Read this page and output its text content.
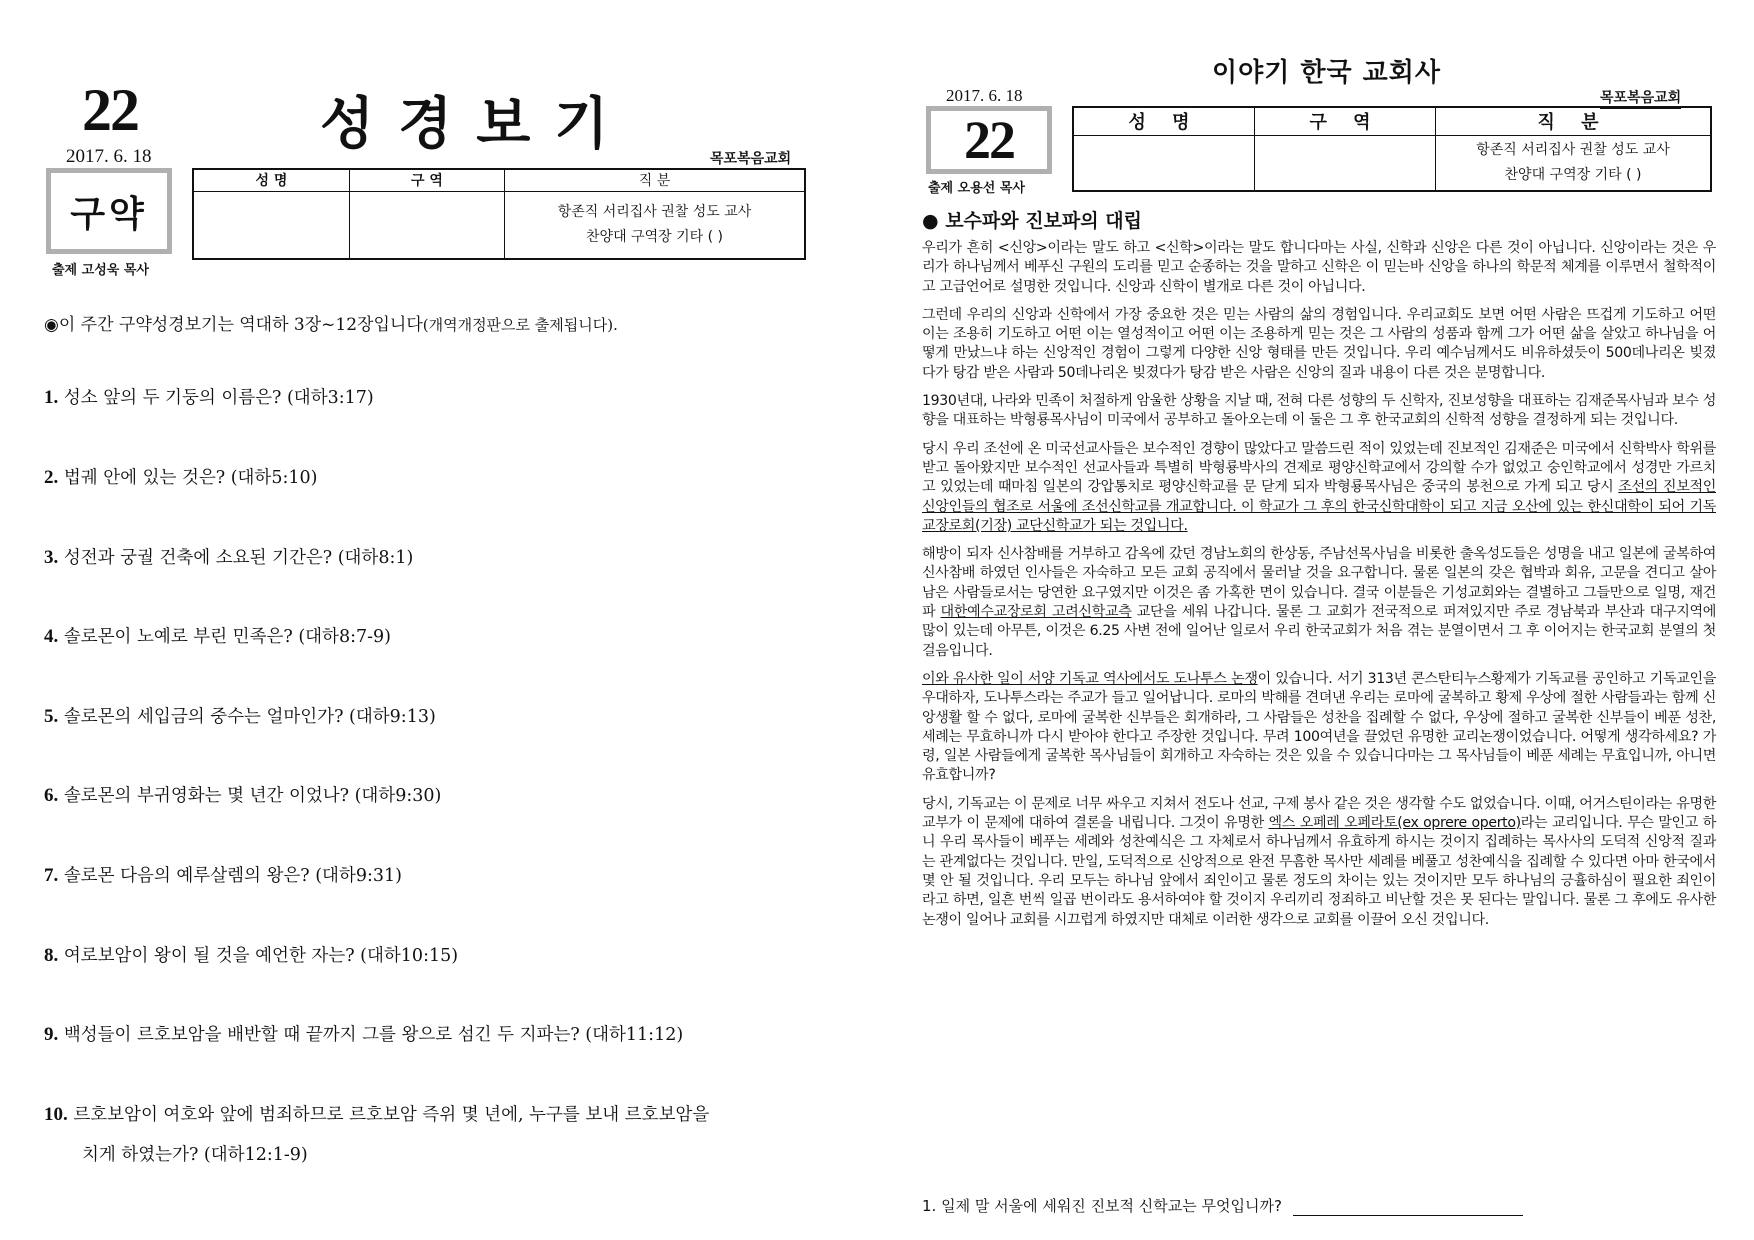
22	성경보기
2017. 6. 18	목포복음교회
구약
출제 고성욱 목사
성 명	구 역	직 분

		항존직 서리집사 권찰 성도 교사
찬양대 구역장 기타 ( )
◉이 주간 구약성경보기는 역대하 3장~12장입니다(개역개정판으로 출제됩니다).
1. 성소 앞의 두 기둥의 이름은? (대하3:17)
2. 법궤 안에 있는 것은? (대하5:10)
3. 성전과 궁궐 건축에 소요된 기간은? (대하8:1)
4. 솔로몬이 노예로 부린 민족은? (대하8:7-9)
5. 솔로몬의 세입금의 중수는 얼마인가? (대하9:13)
6. 솔로몬의 부귀영화는 몇 년간 이었나? (대하9:30)
7. 솔로몬 다음의 예루살렘의 왕은? (대하9:31)
8. 여로보암이 왕이 될 것을 예언한 자는? (대하10:15)
9. 백성들이 르호보암을 배반할 때 끝까지 그를 왕으로 섬긴 두 지파는? (대하11:12)
10. 르호보암이 여호와 앞에 범죄하므로 르호보암 즉위 몇 년에, 누구를 보내 르호보암을
치게 하였는가? (대하12:1-9)
이야기 한국 교회사
2017. 6. 18	목포복음교회
22
출제 오용선 목사
성 명	구 역	직 분

		항존직 서리집사 권찰 성도 교사
찬양대 구역장 기타 ( )
● 보수파와 진보파의 대립

우리가 흔히 <신앙>이라는 말도 하고 <신학>이라는 말도 합니다마는 사실, 신학과 신앙은 다른 것이 아닙니다. 신앙이라는 것은 우리가 하나님께서 베푸신 구원의 도리를 믿고 순종하는 것을 말하고 신학은 이 믿는바 신앙을 하나의 학문적 체계를 이루면서 철학적이고 고급언어로 설명한 것입니다. 신앙과 신학이 별개로 다른 것이 아닙니다.

그런데 우리의 신앙과 신학에서 가장 중요한 것은 믿는 사람의 삶의 경험입니다. 우리교회도 보면 어떤 사람은 뜨겁게 기도하고 어떤 이는 조용히 기도하고 어떤 이는 열성적이고 어떤 이는 조용하게 믿는 것은 그 사람의 성품과 함께 그가 어떤 삶을 살았고 하나님을 어떻게 만났느냐 하는 신앙적인 경험이 그렇게 다양한 신앙 형태를 만든 것입니다. 우리 예수님께서도 비유하셨듯이 500데나리온 빚졌다가 탕감 받은 사람과 50데나리온 빚졌다가 탕감 받은 사람은 신앙의 질과 내용이 다른 것은 분명합니다.

1930년대, 나라와 민족이 처절하게 암울한 상황을 지날 때, 전혀 다른 성향의 두 신학자, 진보성향을 대표하는 김재준목사님과 보수 성향을 대표하는 박형룡목사님이 미국에서 공부하고 돌아오는데 이 둘은 그 후 한국교회의 신학적 성향을 결정하게 되는 것입니다.

당시 우리 조선에 온 미국선교사들은 보수적인 경향이 많았다고 말씀드린 적이 있었는데 진보적인 김재준은 미국에서 신학박사 학위를 받고 돌아왔지만 보수적인 선교사들과 특별히 박형룡박사의 견제로 평양신학교에서 강의할 수가 없었고 숭인학교에서 성경만 가르치고 있었는데 때마침 일본의 강압통치로 평양신학교를 문 닫게 되자 박형룡목사님은 중국의 봉천으로 가게 되고 당시 조선의 진보적인 신앙인들의 협조로 서울에 조선신학교를 개교합니다. 이 학교가 그 후의 한국신학대학이 되고 지금 오산에 있는 한신대학이 되어 기독교장로회(기장) 교단신학교가 되는 것입니다.

해방이 되자 신사참배를 거부하고 감옥에 갔던 경남노회의 한상동, 주남선목사님을 비롯한 출옥성도들은 성명을 내고 일본에 굴복하여 신사참배 하였던 인사들은 자숙하고 모든 교회 공직에서 물러날 것을 요구합니다. 물론 일본의 갖은 협박과 회유, 고문을 견디고 살아남은 사람들로서는 당연한 요구였지만 이것은 좀 가혹한 면이 있습니다. 결국 이분들은 기성교회와는 결별하고 그들만으로 일명, 재건파 대한예수교장로회 고려신학교측 교단을 세워 나갑니다. 물론 그 교회가 전국적으로 퍼져있지만 주로 경남북과 부산과 대구지역에 많이 있는데 아무튼, 이것은 6.25 사변 전에 일어난 일로서 우리 한국교회가 처음 겪는 분열이면서 그 후 이어지는 한국교회 분열의 첫걸음입니다.

이와 유사한 일이 서양 기독교 역사에서도 도나투스 논쟁이 있습니다. 서기 313년 콘스탄티누스황제가 기독교를 공인하고 기독교인을 우대하자, 도나투스라는 주교가 들고 일어납니다. 로마의 박해를 견뎌낸 우리는 로마에 굴복하고 황제 우상에 절한 사람들과는 함께 신앙생활 할 수 없다, 로마에 굴복한 신부들은 회개하라, 그 사람들은 성찬을 집례할 수 없다, 우상에 절하고 굴복한 신부들이 베푼 성찬, 세례는 무효하니까 다시 받아야 한다고 주장한 것입니다. 무려 100여년을 끌었던 유명한 교리논쟁이었습니다. 어떻게 생각하세요? 가령, 일본 사람들에게 굴복한 목사님들이 회개하고 자숙하는 것은 있을 수 있습니다마는 그 목사님들이 베푼 세례는 무효입니까, 아니면 유효합니까?

당시, 기독교는 이 문제로 너무 싸우고 지쳐서 전도나 선교, 구제 봉사 같은 것은 생각할 수도 없었습니다. 이때, 어거스틴이라는 유명한 교부가 이 문제에 대하여 결론을 내립니다. 그것이 유명한 엑스 오페레 오페라토(ex oprere operto)라는 교리입니다. 무슨 말인고 하니 우리 목사들이 베푸는 세례와 성찬예식은 그 자체로서 하나님께서 유효하게 하시는 것이지 집례하는 목사사의 도덕적 신앙적 질과는 관계없다는 것입니다. 만일, 도덕적으로 신앙적으로 완전 무흠한 목사만 세례를 베풀고 성찬예식을 집례할 수 있다면 아마 한국에서 몇 안 될 것입니다. 우리 모두는 하나님 앞에서 죄인이고 물론 정도의 차이는 있는 것이지만 모두 하나님의 긍휼하심이 필요한 죄인이라고 하면, 일흔 번씩 일곱 번이라도 용서하여야 할 것이지 우리끼리 정죄하고 비난할 것은 못 된다는 말입니다. 물론 그 후에도 유사한 논쟁이 일어나 교회를 시끄럽게 하였지만 대체로 이러한 생각으로 교회를 이끌어 오신 것입니다.

1. 일제 말 서울에 세워진 진보적 신학교는 무엇입니까?
